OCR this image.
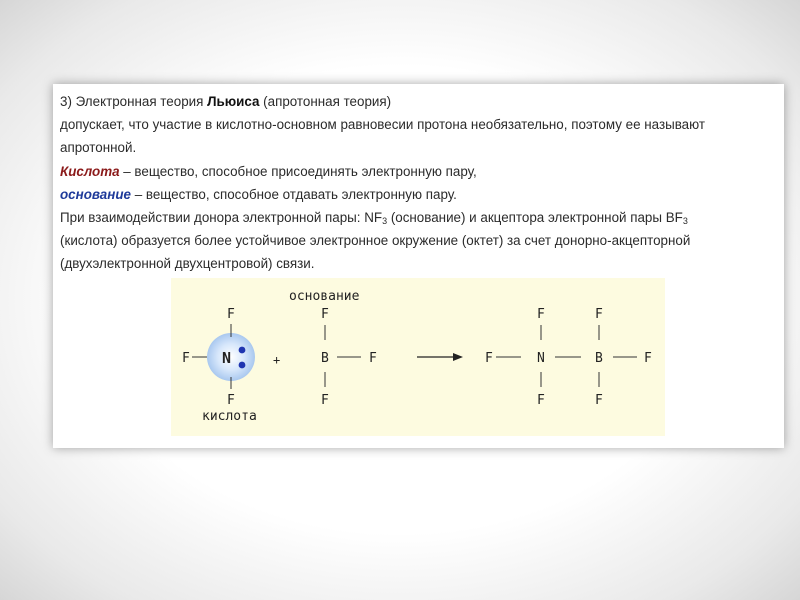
3) Электронная теория Льюиса (апротонная теория)
допускает, что участие в кислотно-основном равновесии протона необязательно, поэтому ее называют
апротонной.
Кислота – вещество, способное присоединять электронную пару,
основание – вещество, способное отдавать электронную пару.
При взаимодействии донора электронной пары: $NF_3$ (основание) и акцептора электронной пары $BF_3$
(кислота) образуется более устойчивое электронное окружение (октет) за счет донорно-акцепторной
(двухэлектронной двухцентровой) связи.
основание
F
F N
F
кислота
+
F
B	F
F
F
F
N
F
F
B
F
F
